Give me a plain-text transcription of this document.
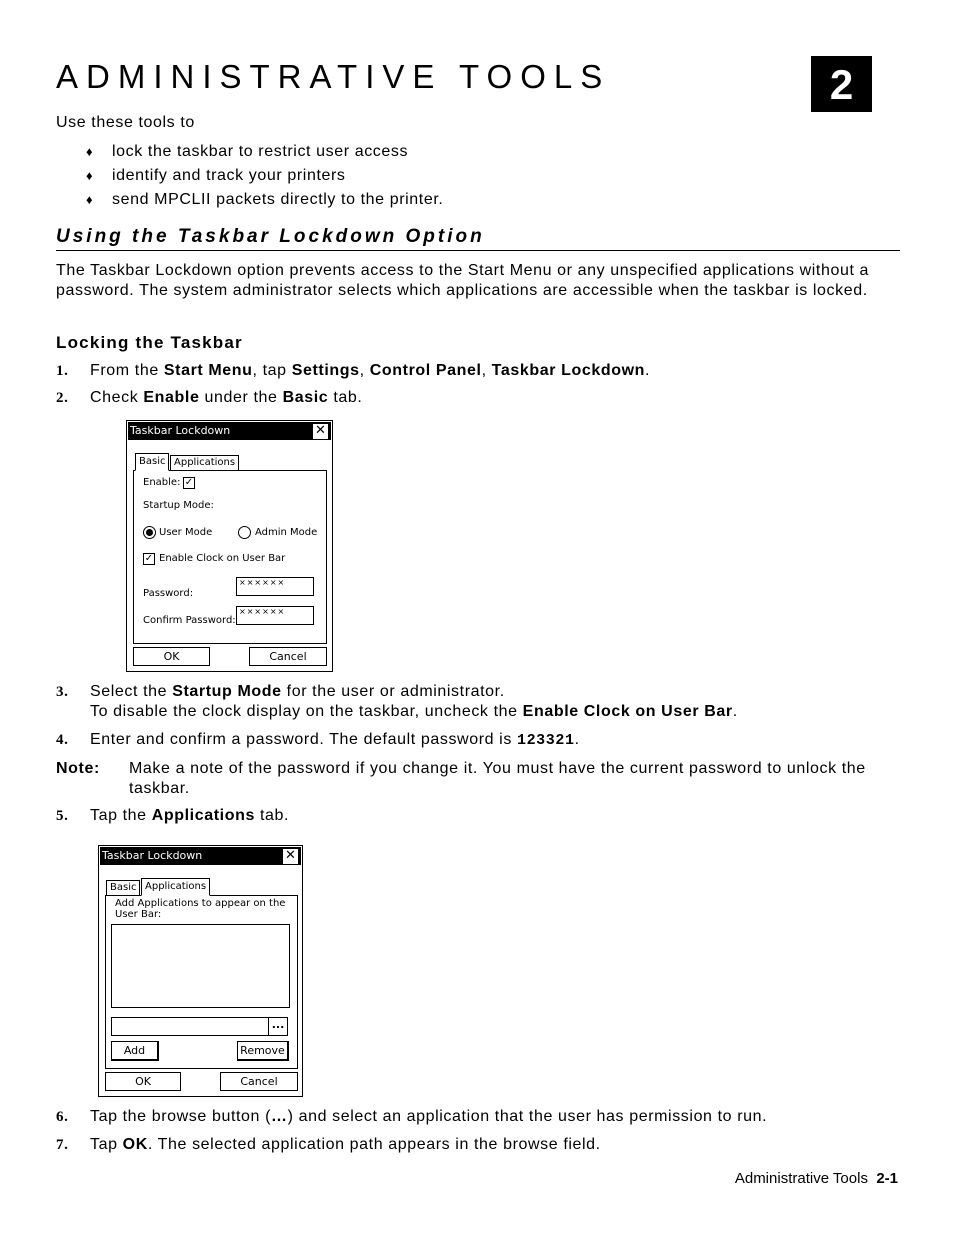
ADMINISTRATIVE TOOLS	2
Use these tools to
♦ lock the taskbar to restrict user access
♦ identify and track your printers
♦ send MPCLII packets directly to the printer.
Using the Taskbar Lockdown Option
The Taskbar Lockdown option prevents access to the Start Menu or any unspecified applications without a password. The system administrator selects which applications are accessible when the taskbar is locked.
Locking the Taskbar
1. From the Start Menu, tap Settings, Control Panel, Taskbar Lockdown.
2. Check Enable under the Basic tab.
Taskbar Lockdown	✕
Basic Applications
Enable: ✓
Startup Mode:
User Mode	Admin Mode
✓ Enable Clock on User Bar
Password:
××××××
Confirm Password:
××××××
OK	Cancel
3. Select the Startup Mode for the user or administrator.
To disable the clock display on the taskbar, uncheck the Enable Clock on User Bar.
4. Enter and confirm a password. The default password is 123321.
Note:	Make a note of the password if you change it. You must have the current password to unlock the taskbar.
5. Tap the Applications tab.
Taskbar Lockdown	✕
Basic Applications
Add Applications to appear on the User Bar:
...
Add	Remove
OK	Cancel
6. Tap the browse button (…) and select an application that the user has permission to run.
7. Tap OK. The selected application path appears in the browse field.
Administrative Tools 2-1
